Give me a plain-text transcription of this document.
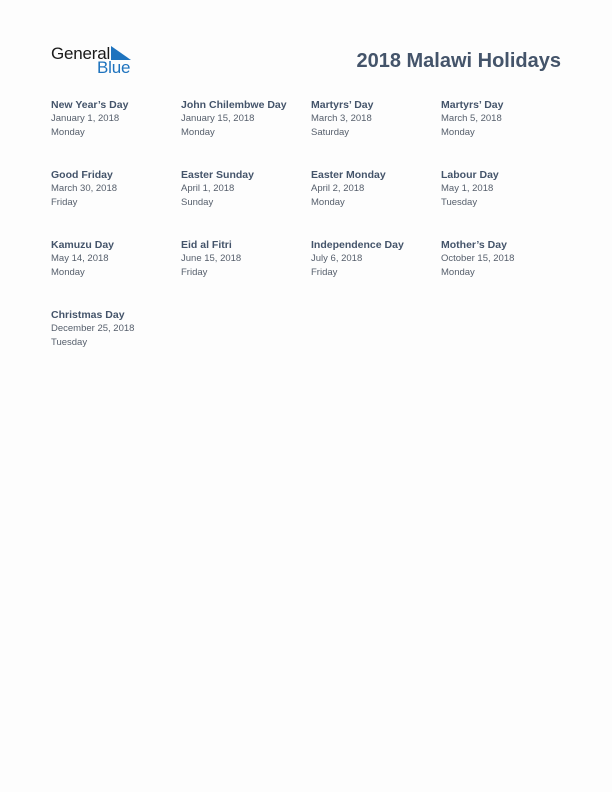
General
Blue	2018 Malawi Holidays
New Year’s Day
January 1, 2018
Monday
John Chilembwe Day
January 15, 2018
Monday
Martyrs’ Day
March 3, 2018
Saturday
Martyrs’ Day
March 5, 2018
Monday
Good Friday
March 30, 2018
Friday
Easter Sunday
April 1, 2018
Sunday
Easter Monday
April 2, 2018
Monday
Labour Day
May 1, 2018
Tuesday
Kamuzu Day
May 14, 2018
Monday
Eid al Fitri
June 15, 2018
Friday
Independence Day
July 6, 2018
Friday
Mother’s Day
October 15, 2018
Monday
Christmas Day
December 25, 2018
Tuesday
